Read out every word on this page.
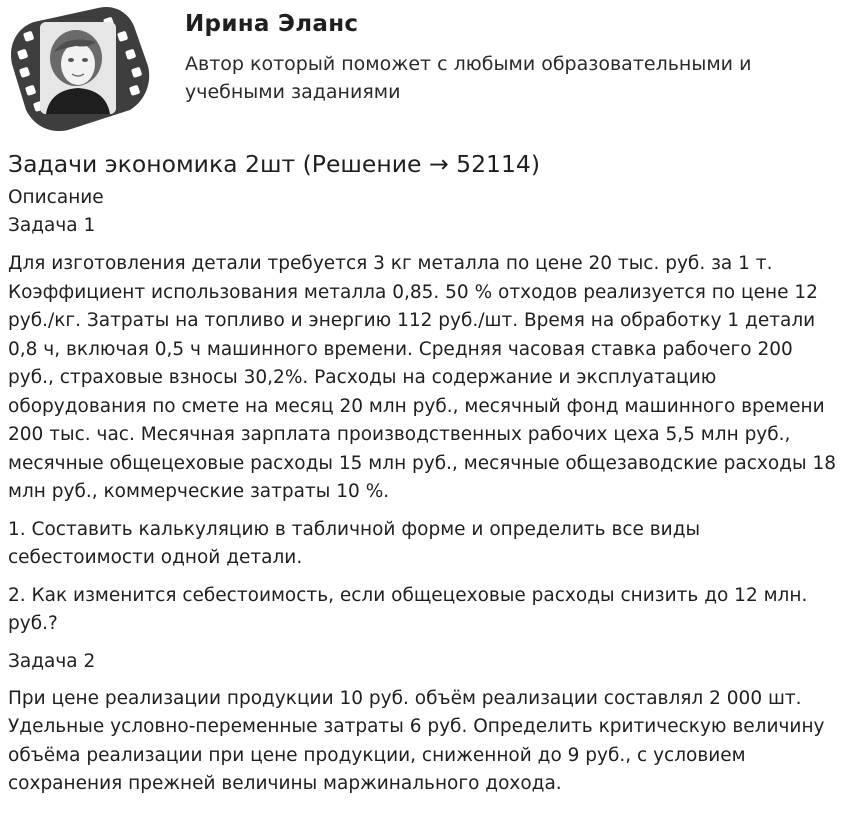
Ирина Эланс
Автор который поможет с любыми образовательными и учебными заданиями
Задачи экономика 2шт (Решение → 52114)
Описание
Задача 1

Для изготовления детали требуется 3 кг металла по цене 20 тыс. руб. за 1 т. Коэффициент использования металла 0,85. 50 % отходов реализуется по цене 12 руб./кг. Затраты на топливо и энергию 112 руб./шт. Время на обработку 1 детали 0,8 ч, включая 0,5 ч машинного времени. Средняя часовая ставка рабочего 200 руб., страховые взносы 30,2%. Расходы на содержание и эксплуатацию оборудования по смете на месяц 20 млн руб., месячный фонд машинного времени 200 тыс. час. Месячная зарплата производственных рабочих цеха 5,5 млн руб., месячные общецеховые расходы 15 млн руб., месячные общезаводские расходы 18 млн руб., коммерческие затраты 10 %.

1. Составить калькуляцию в табличной форме и определить все виды себестоимости одной детали.

2. Как изменится себестоимость, если общецеховые расходы снизить до 12 млн. руб.?

Задача 2

При цене реализации продукции 10 руб. объём реализации составлял 2 000 шт. Удельные условно-переменные затраты 6 руб. Определить критическую величину объёма реализации при цене продукции, сниженной до 9 руб., с условием сохранения прежней величины маржинального дохода.
